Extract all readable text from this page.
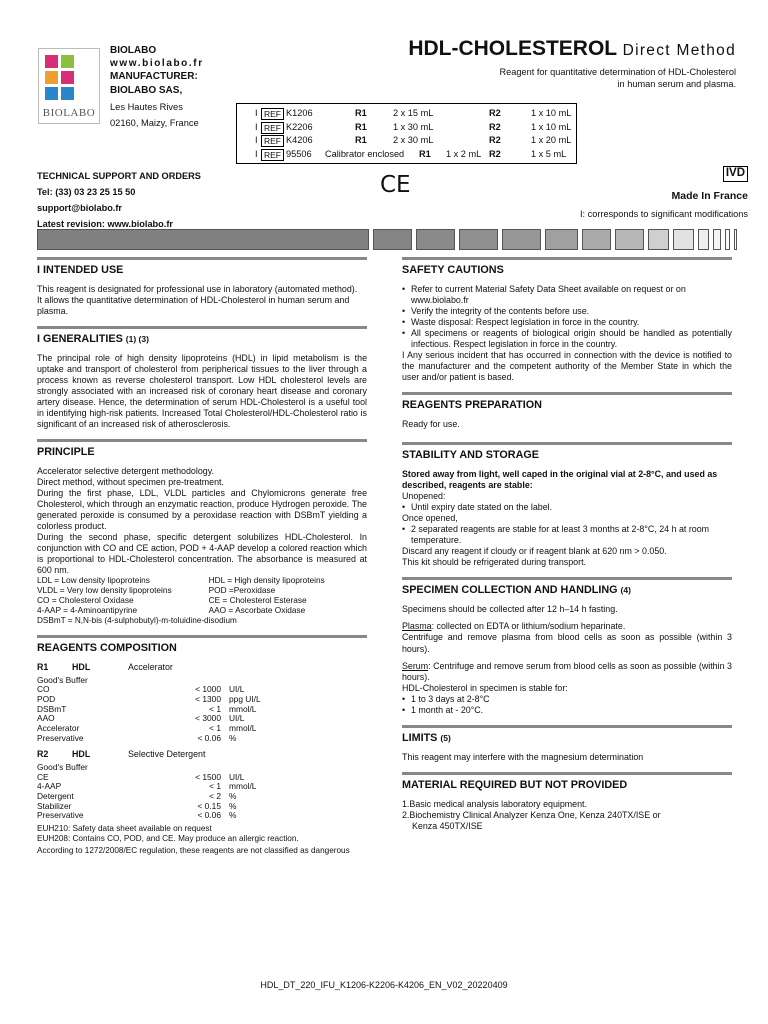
BIOLABO
BIOLABO
www.biolabo.fr
MANUFACTURER:
BIOLABO SAS,
Les Hautes Rives
02160, Maizy, France
HDL-CHOLESTEROL Direct Method
Reagent for quantitative determination of HDL-Cholesterol
in human serum and plasma.
I REF K1206	R1	2 x 15 mL	R2	1 x 10 mL
I REF K2206	R1	1 x 30 mL	R2	1 x 10 mL
I REF K4206	R1	2 x 30 mL	R2	1 x 20 mL
I REF 95506 Calibrator enclosed R1 1 x 2 mL R2	1 x 5 mL
TECHNICAL SUPPORT AND ORDERS
Tel: (33) 03 23 25 15 50
support@biolabo.fr
Latest revision: www.biolabo.fr
CE	IVD
Made In France
I: corresponds to significant modifications
I INTENDED USE

This reagent is designated for professional use in laboratory (automated method).

It allows the quantitative determination of HDL-Cholesterol in human serum and plasma.

I GENERALITIES (1) (3)

The principal role of high density lipoproteins (HDL) in lipid metabolism is the uptake and transport of cholesterol from peripherical tissues to the liver through a process known as reverse cholesterol transport. Low HDL cholesterol levels are strongly associated with an increased risk of coronary heart disease and coronary artery disease. Hence, the determination of serum HDL-Cholesterol is a useful tool in identifying high-risk patients. Increased Total Cholesterol/HDL-Cholesterol ratio is significant of an increased risk of atherosclerosis.

PRINCIPLE

Accelerator selective detergent methodology.

Direct method, without specimen pre-treatment.

During the first phase, LDL, VLDL particles and Chylomicrons generate free Cholesterol, which through an enzymatic reaction, produce Hydrogen peroxide. The generated peroxide is consumed by a peroxidase reaction with DSBmT yielding a colorless product.

During the second phase, specific detergent solubilizes HDL-Cholesterol. In conjunction with CO and CE action, POD + 4-AAP develop a colored reaction which is proportional to HDL-Cholesterol concentration. The absorbance is measured at 600 nm.

LDL = Low density lipoproteins	HDL = High density lipoproteins
VLDL = Very low density lipoproteins	POD =Peroxidase
CO = Cholesterol Oxidase	CE = Cholesterol Esterase
4-AAP = 4-Aminoantipyrine	AAO = Ascorbate Oxidase
DSBmT = N,N-bis (4-sulphobutyl)-m-toluidine-disodium
REAGENTS COMPOSITION
R1	HDL	Accelerator
Good's Buffer
CO	< 1000 UI/L
POD	< 1300 ppg UI/L
DSBmT	< 1 mmol/L
AAO	< 3000 UI/L
Accelerator	< 1 mmol/L
Preservative	< 0.06 %
R2	HDL	Selective Detergent
Good's Buffer
CE	< 1500 UI/L
4-AAP	< 1 mmol/L
Detergent	< 2 %
Stabilizer	< 0.15 %
Preservative	< 0.06 %
EUH210: Safety data sheet available on request
EUH208: Contains CO, POD, and CE. May produce an allergic reaction.
According to 1272/2008/EC regulation, these reagents are not classified as dangerous
SAFETY CAUTIONS
• Refer to current Material Safety Data Sheet available on request or on www.biolabo.fr
• Verify the integrity of the contents before use.
• Waste disposal: Respect legislation in force in the country.
• All specimens or reagents of biological origin should be handled as potentially infectious. Respect legislation in force in the country.

I Any serious incident that has occurred in connection with the device is notified to the manufacturer and the competent authority of the Member State in which the user and/or patient is based.

REAGENTS PREPARATION

Ready for use.

STABILITY AND STORAGE

Stored away from light, well caped in the original vial at 2-8°C, and used as described, reagents are stable:

Unopened:

• Until expiry date stated on the label.

Once opened,

• 2 separated reagents are stable for at least 3 months at 2-8°C, 24 h at room temperature.

Discard any reagent if cloudy or if reagent blank at 620 nm > 0.050.

This kit should be refrigerated during transport.

SPECIMEN COLLECTION AND HANDLING (4)

Specimens should be collected after 12 h–14 h fasting.

Plasma: collected on EDTA or lithium/sodium heparinate.

Centrifuge and remove plasma from blood cells as soon as possible (within 3 hours).

Serum: Centrifuge and remove serum from blood cells as soon as possible (within 3 hours).

HDL-Cholesterol in specimen is stable for:

• 1 to 3 days at 2-8°C
• 1 month at - 20°C.
LIMITS (5)

This reagent may interfere with the magnesium determination

MATERIAL REQUIRED BUT NOT PROVIDED

1.Basic medical analysis laboratory equipment.

2.Biochemistry Clinical Analyzer Kenza One, Kenza 240TX/ISE or

Kenza 450TX/ISE

HDL_DT_220_IFU_K1206-K2206-K4206_EN_V02_20220409
